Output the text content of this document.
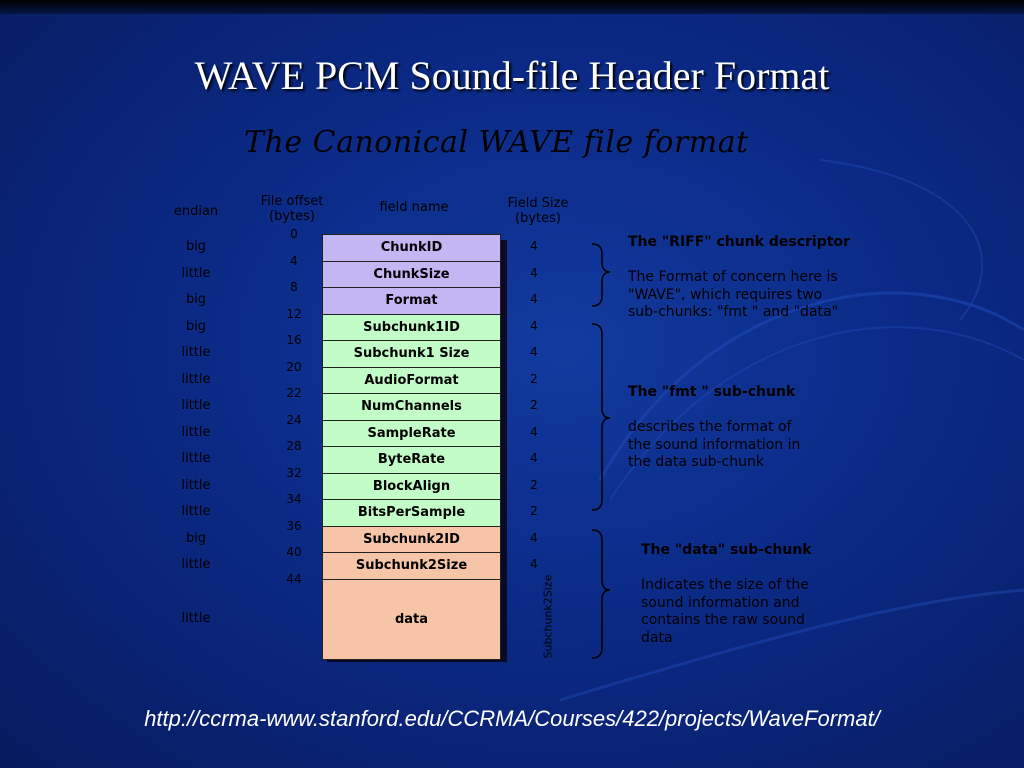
WAVE PCM Sound-file Header Format
The Canonical WAVE file format
endian
File offset
(bytes)
field name	Field Size
(bytes)
ChunkID
ChunkSize
Format
Subchunk1ID
Subchunk1 Size
AudioFormat
NumChannels
SampleRate
ByteRate
BlockAlign
BitsPerSample
Subchunk2ID
Subchunk2Size
data
big
little
big
big
little
little
little
little
little
little
little
big
little
little
0
4
8
12
16
20
22
24
28
32
34
36
40
44
4
4
4
4
4
2
2
4
4
2
2
4
4
Subchunk2Size
The "RIFF" chunk descriptor
The Format of concern here is
"WAVE", which requires two
sub-chunks: "fmt " and "data"
The "fmt " sub-chunk
describes the format of
the sound information in
the data sub-chunk
The "data" sub-chunk
Indicates the size of the
sound information and
contains the raw sound
data
http://ccrma-www.stanford.edu/CCRMA/Courses/422/projects/WaveFormat/
